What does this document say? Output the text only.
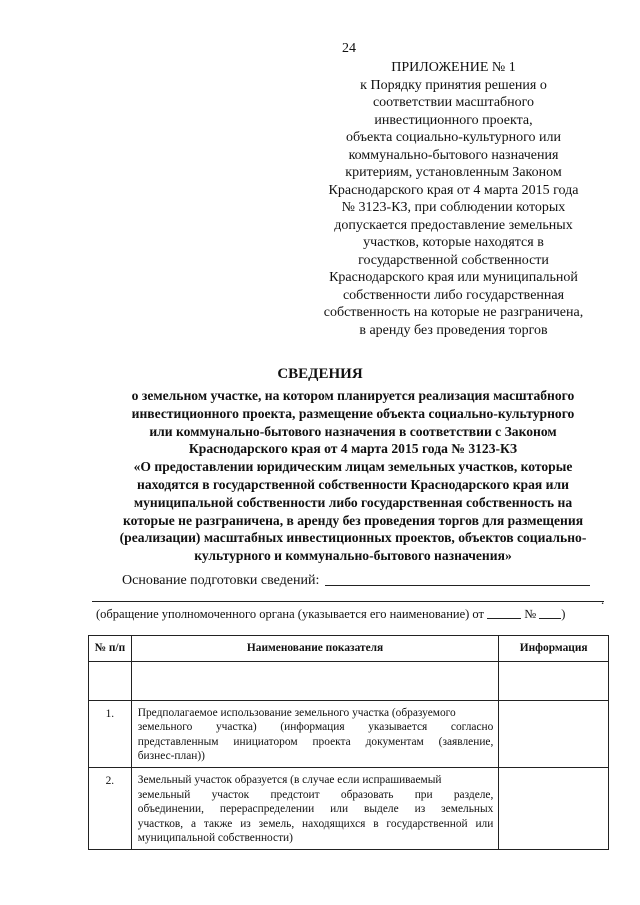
24
ПРИЛОЖЕНИЕ № 1
к Порядку принятия решения о
соответствии масштабного
инвестиционного проекта,
объекта социально-культурного или
коммунально-бытового назначения
критериям, установленным Законом
Краснодарского края от 4 марта 2015 года
№ 3123-КЗ, при соблюдении которых
допускается предоставление земельных
участков, которые находятся в
государственной собственности
Краснодарского края или муниципальной
собственности либо государственная
собственность на которые не разграничена,
в аренду без проведения торгов
СВЕДЕНИЯ
о земельном участке, на котором планируется реализация масштабного
инвестиционного проекта, размещение объекта социально-культурного
или коммунально-бытового назначения в соответствии с Законом
Краснодарского края от 4 марта 2015 года № 3123-КЗ
«О предоставлении юридическим лицам земельных участков, которые
находятся в государственной собственности Краснодарского края или
муниципальной собственности либо государственная собственность на
которые не разграничена, в аренду без проведения торгов для размещения
(реализации) масштабных инвестиционных проектов, объектов социально-
культурного и коммунально-бытового назначения»
Основание подготовки сведений:
.
(обращение уполномоченного органа (указывается его наименование) от	№ )
№ п/п	Наименование показателя	Информация

1.	Предполагаемое использование земельного участка (образуемого
земельного участка) (информация указывается согласно
представленным инициатором проекта документам (заявление,
бизнес-план))	

2.	Земельный участок образуется (в случае если испрашиваемый
земельный участок предстоит образовать при разделе,
объединении, перераспределении или выделе из земельных
участков, а также из земель, находящихся в государственной или
муниципальной собственности)	
